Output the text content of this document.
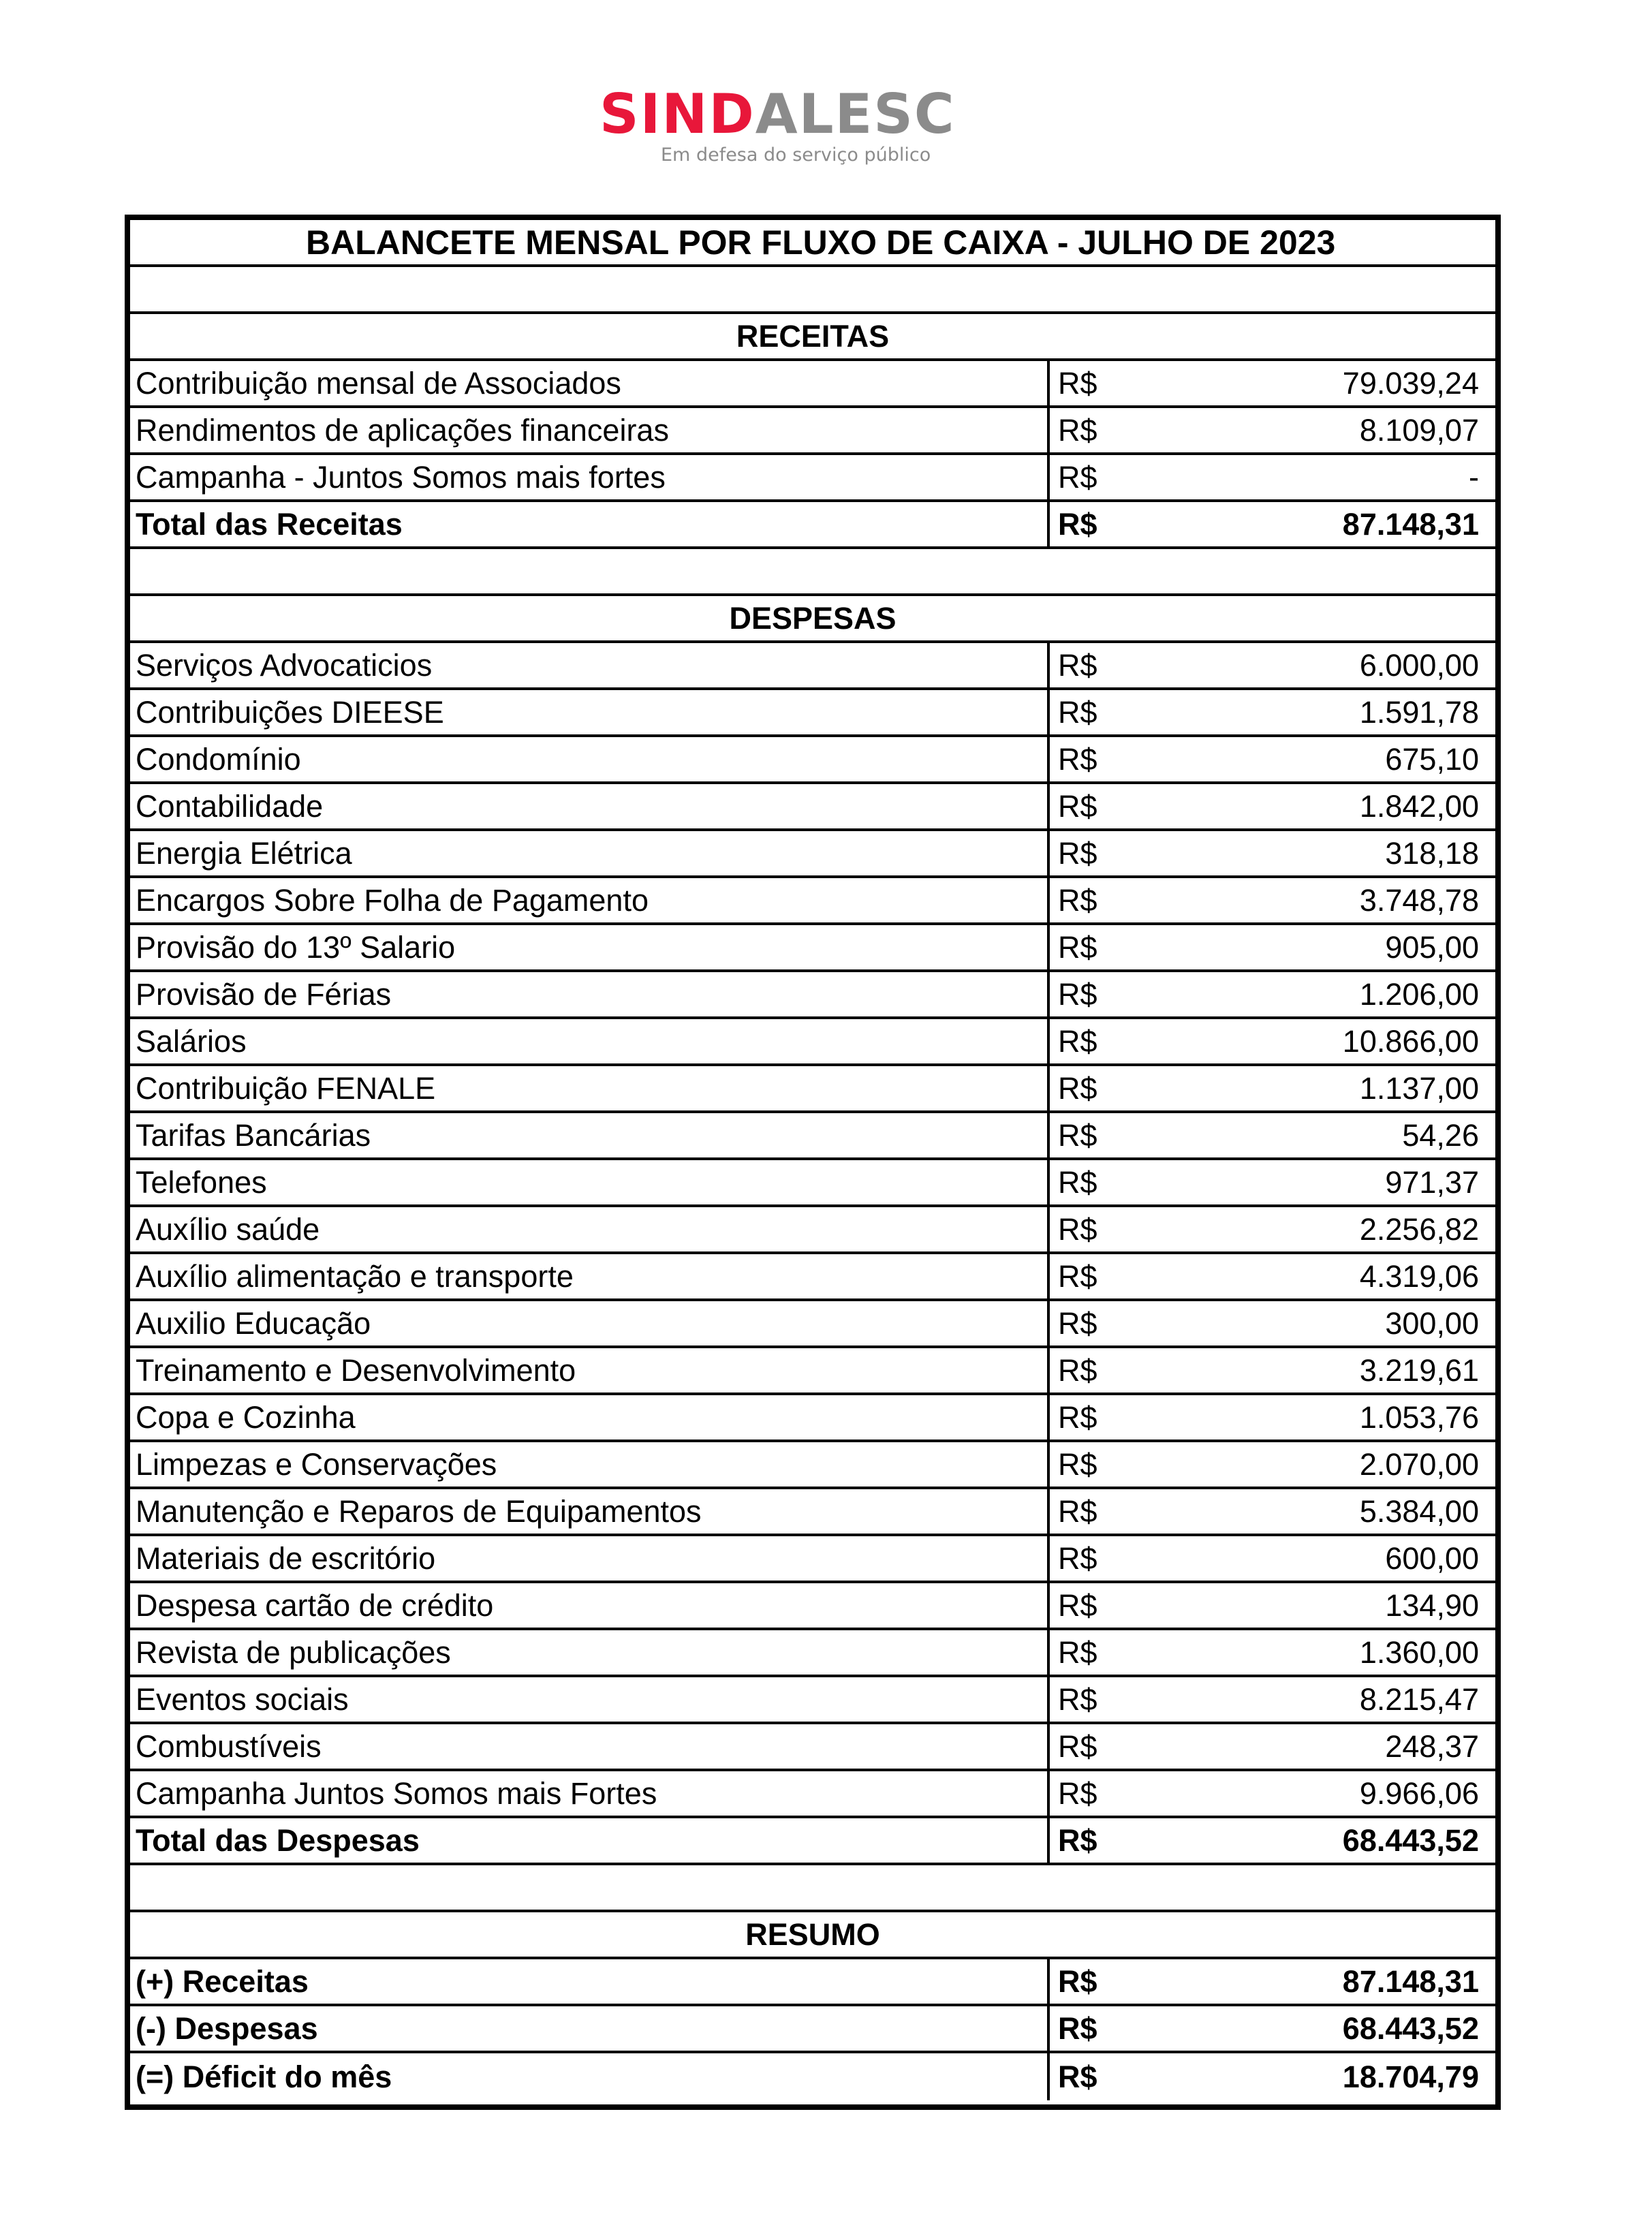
SINDALESC
Em defesa do serviço público
BALANCETE MENSAL POR FLUXO DE CAIXA - JULHO DE 2023
RECEITAS
Contribuição mensal de Associados	R$	79.039,24
Rendimentos de aplicações financeiras	R$	8.109,07
Campanha - Juntos Somos mais fortes	R$	-
Total das Receitas	R$	87.148,31
DESPESAS
Serviços Advocaticios	R$	6.000,00
Contribuições DIEESE	R$	1.591,78
Condomínio	R$	675,10
Contabilidade	R$	1.842,00
Energia Elétrica	R$	318,18
Encargos Sobre Folha de Pagamento	R$	3.748,78
Provisão do 13º Salario	R$	905,00
Provisão de Férias	R$	1.206,00
Salários	R$	10.866,00
Contribuição FENALE	R$	1.137,00
Tarifas Bancárias	R$	54,26
Telefones	R$	971,37
Auxílio saúde	R$	2.256,82
Auxílio alimentação e transporte	R$	4.319,06
Auxilio Educação	R$	300,00
Treinamento e Desenvolvimento	R$	3.219,61
Copa e Cozinha	R$	1.053,76
Limpezas e Conservações	R$	2.070,00
Manutenção e Reparos de Equipamentos	R$	5.384,00
Materiais de escritório	R$	600,00
Despesa cartão de crédito	R$	134,90
Revista de publicações	R$	1.360,00
Eventos sociais	R$	8.215,47
Combustíveis	R$	248,37
Campanha Juntos Somos mais Fortes	R$	9.966,06
Total das Despesas	R$	68.443,52
RESUMO
(+) Receitas	R$	87.148,31
(-) Despesas	R$	68.443,52
(=) Déficit do mês	R$	18.704,79
